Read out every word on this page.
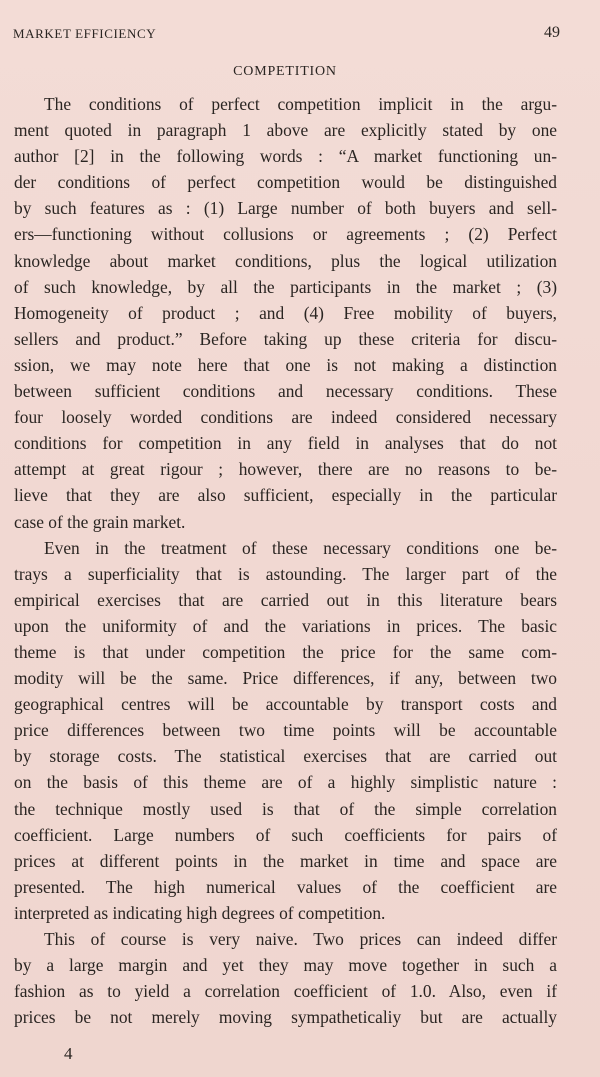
MARKET EFFICIENCY	49
COMPETITION
The conditions of perfect competition implicit in the argu-
ment quoted in paragraph 1 above are explicitly stated by one
author [2] in the following words : “A market functioning un-
der conditions of perfect competition would be distinguished
by such features as : (1) Large number of both buyers and sell-
ers—functioning without collusions or agreements ; (2) Perfect
knowledge about market conditions, plus the logical utilization
of such knowledge, by all the participants in the market ; (3)
Homogeneity of product ; and (4) Free mobility of buyers,
sellers and product.” Before taking up these criteria for discu-
ssion, we may note here that one is not making a distinction
between sufficient conditions and necessary conditions. These
four loosely worded conditions are indeed considered necessary
conditions for competition in any field in analyses that do not
attempt at great rigour ; however, there are no reasons to be-
lieve that they are also sufficient, especially in the particular
case of the grain market.
Even in the treatment of these necessary conditions one be-
trays a superficiality that is astounding. The larger part of the
empirical exercises that are carried out in this literature bears
upon the uniformity of and the variations in prices. The basic
theme is that under competition the price for the same com-
modity will be the same. Price differences, if any, between two
geographical centres will be accountable by transport costs and
price differences between two time points will be accountable
by storage costs. The statistical exercises that are carried out
on the basis of this theme are of a highly simplistic nature :
the technique mostly used is that of the simple correlation
coefficient. Large numbers of such coefficients for pairs of
prices at different points in the market in time and space are
presented. The high numerical values of the coefficient are
interpreted as indicating high degrees of competition.
This of course is very naive. Two prices can indeed differ
by a large margin and yet they may move together in such a
fashion as to yield a correlation coefficient of 1.0. Also, even if
prices be not merely moving sympatheticaliy but are actually
4
